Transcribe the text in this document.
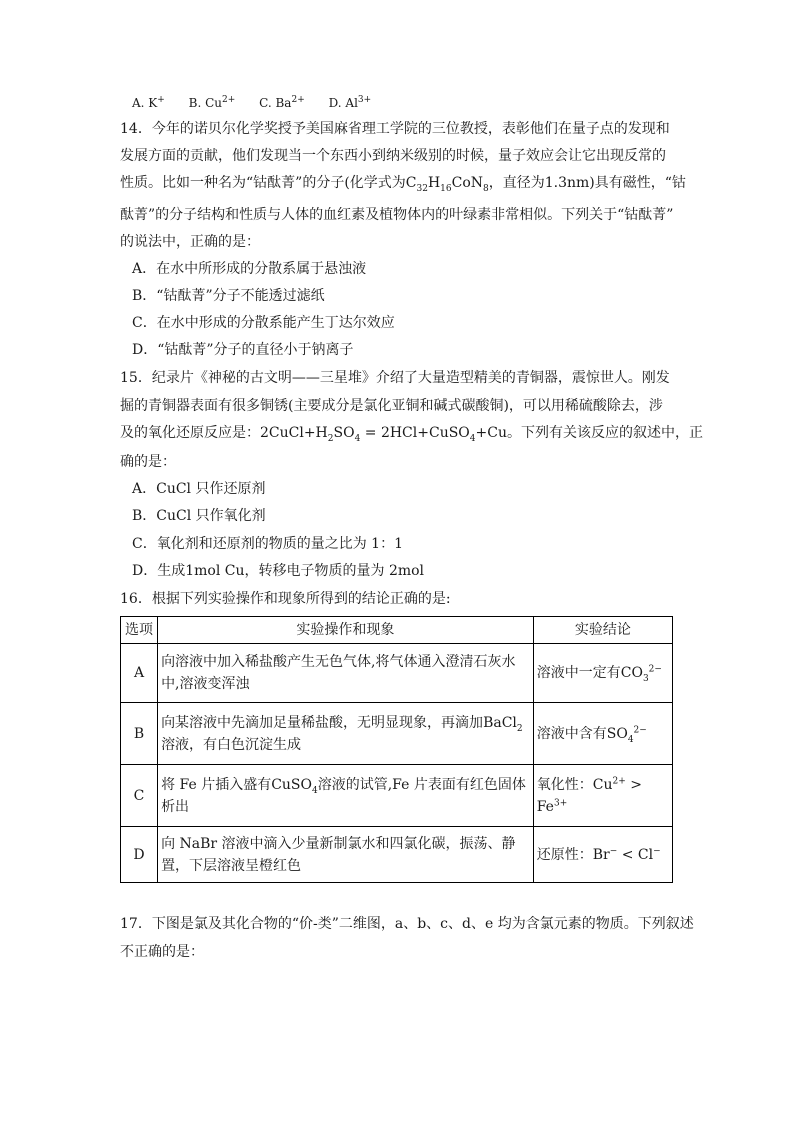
A. K+ B. $Cu^{2+}$ C. $Ba^{2+}$ D. $Al^{3+}$
14．今年的诺贝尔化学奖授予美国麻省理工学院的三位教授，表彰他们在量子点的发现和
发展方面的贡献，他们发现当一个东西小到纳米级别的时候，量子效应会让它出现反常的
性质。比如一种名为“钴酞菁”的分子(化学式为$C_{32}H_{16}CoN_8$，直径为1.3nm)具有磁性，“钴
酞菁”的分子结构和性质与人体的血红素及植物体内的叶绿素非常相似。下列关于“钴酞菁”
的说法中，正确的是：
A．在水中所形成的分散系属于悬浊液
B．“钴酞菁”分子不能透过滤纸
C．在水中形成的分散系能产生丁达尔效应
D．“钴酞菁”分子的直径小于钠离子
15．纪录片《神秘的古文明——三星堆》介绍了大量造型精美的青铜器，震惊世人。刚发
掘的青铜器表面有很多铜锈(主要成分是氯化亚铜和碱式碳酸铜)，可以用稀硫酸除去，涉
及的氧化还原反应是：$2CuCl+H_2SO_4$ = 2HCl+CuSO$_4$+Cu。下列有关该反应的叙述中，正
确的是：
A．CuCl 只作还原剂
B．CuCl 只作氧化剂
C．氧化剂和还原剂的物质的量之比为 1：1
D．生成1mol Cu，转移电子物质的量为 2mol
16．根据下列实验操作和现象所得到的结论正确的是:
选项	实验操作和现象	实验结论
A	向溶液中加入稀盐酸产生无色气体,将气体通入澄清石灰水中,溶液变浑浊	溶液中一定有$CO_3^{2-}$
B	向某溶液中先滴加足量稀盐酸，无明显现象，再滴加BaCl$_2$溶液，有白色沉淀生成	溶液中含有$SO_4^{2-}$
C	将 Fe 片插入盛有CuSO$_4$溶液的试管,Fe 片表面有红色固体析出	氧化性：$Cu^{2+} > Fe^{3+}$
D	向 NaBr 溶液中滴入少量新制氯水和四氯化碳，振荡、静置，下层溶液呈橙红色	还原性：Br− < Cl−
17．下图是氯及其化合物的“价-类”二维图，a、b、c、d、e 均为含氯元素的物质。下列叙述
不正确的是：
